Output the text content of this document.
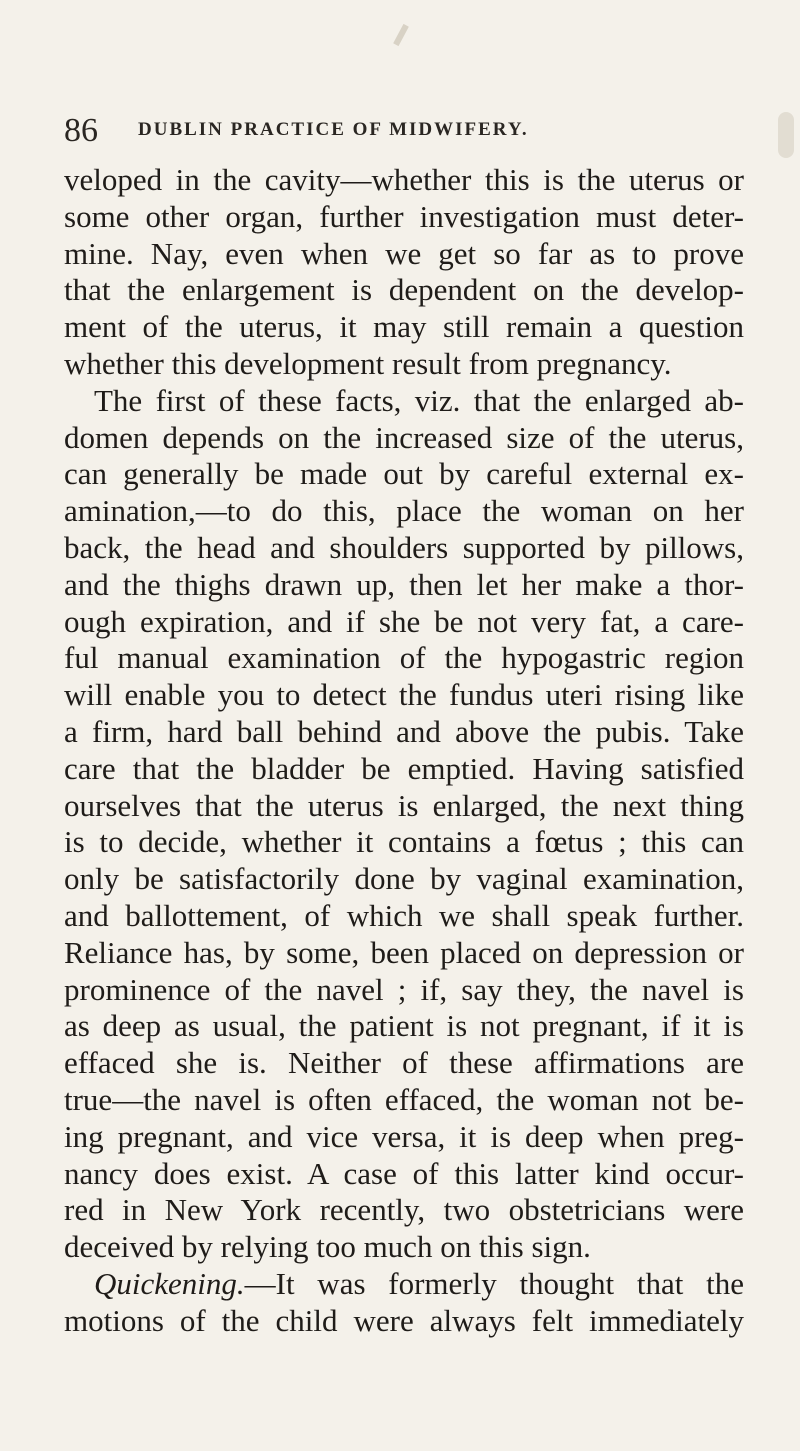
86 DUBLIN PRACTICE OF MIDWIFERY.
veloped in the cavity—whether this is the uterus or
some other organ, further investigation must deter-
mine. Nay, even when we get so far as to prove
that the enlargement is dependent on the develop-
ment of the uterus, it may still remain a question
whether this development result from pregnancy.
The first of these facts, viz. that the enlarged ab-
domen depends on the increased size of the uterus,
can generally be made out by careful external ex-
amination,—to do this, place the woman on her
back, the head and shoulders supported by pillows,
and the thighs drawn up, then let her make a thor-
ough expiration, and if she be not very fat, a care-
ful manual examination of the hypogastric region
will enable you to detect the fundus uteri rising like
a firm, hard ball behind and above the pubis. Take
care that the bladder be emptied. Having satisfied
ourselves that the uterus is enlarged, the next thing
is to decide, whether it contains a fœtus ; this can
only be satisfactorily done by vaginal examination,
and ballottement, of which we shall speak further.
Reliance has, by some, been placed on depression or
prominence of the navel ; if, say they, the navel is
as deep as usual, the patient is not pregnant, if it is
effaced she is. Neither of these affirmations are
true—the navel is often effaced, the woman not be-
ing pregnant, and vice versa, it is deep when preg-
nancy does exist. A case of this latter kind occur-
red in New York recently, two obstetricians were
deceived by relying too much on this sign.
Quickening.—It was formerly thought that the
motions of the child were always felt immediately
